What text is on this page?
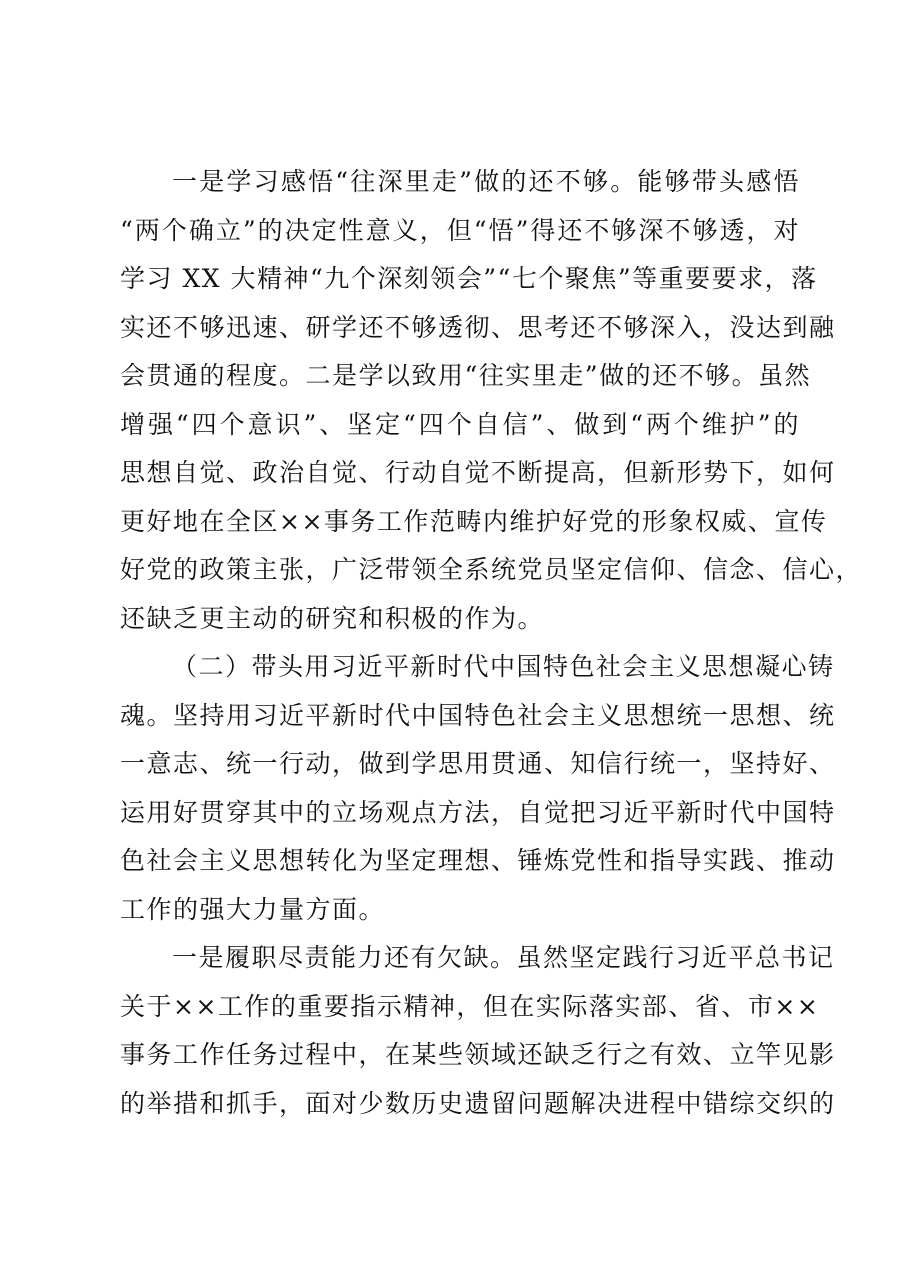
一是学习感悟“往深里走”做的还不够。能够带头感悟
“两个确立”的决定性意义，但“悟”得还不够深不够透，对
学习 XX 大精神“九个深刻领会”“七个聚焦”等重要要求，落
实还不够迅速、研学还不够透彻、思考还不够深入，没达到融
会贯通的程度。二是学以致用“往实里走”做的还不够。虽然
增强“四个意识”、坚定“四个自信”、做到“两个维护”的
思想自觉、政治自觉、行动自觉不断提高，但新形势下，如何
更好地在全区××事务工作范畴内维护好党的形象权威、宣传
好党的政策主张，广泛带领全系统党员坚定信仰、信念、信心，
还缺乏更主动的研究和积极的作为。
（二）带头用习近平新时代中国特色社会主义思想凝心铸
魂。坚持用习近平新时代中国特色社会主义思想统一思想、统
一意志、统一行动，做到学思用贯通、知信行统一，坚持好、
运用好贯穿其中的立场观点方法，自觉把习近平新时代中国特
色社会主义思想转化为坚定理想、锤炼党性和指导实践、推动
工作的强大力量方面。
一是履职尽责能力还有欠缺。虽然坚定践行习近平总书记
关于××工作的重要指示精神，但在实际落实部、省、市××
事务工作任务过程中，在某些领域还缺乏行之有效、立竿见影
的举措和抓手，面对少数历史遗留问题解决进程中错综交织的
